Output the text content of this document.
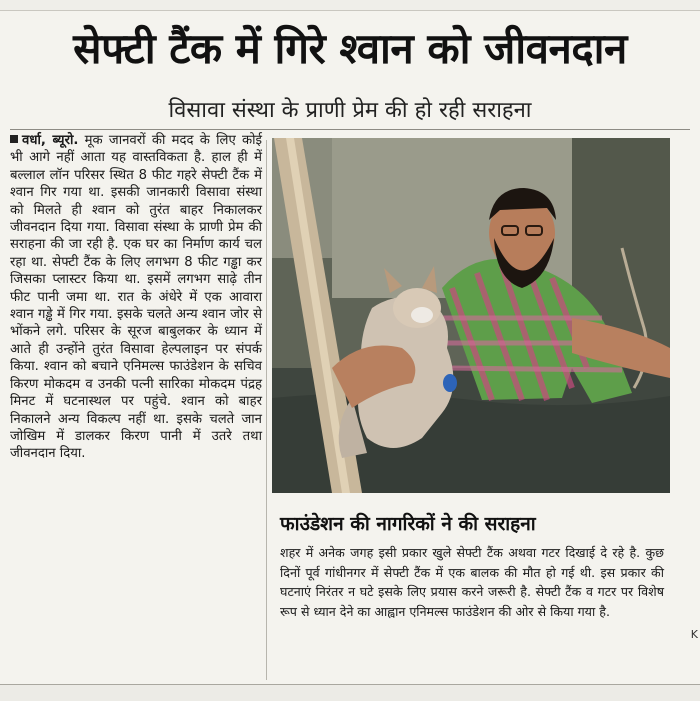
सेफ्टी टैंक में गिरे श्वान को जीवनदान
विसावा संस्था के प्राणी प्रेम की हो रही सराहना
वर्धा, ब्यूरो. मूक जानवरों की मदद के लिए कोई भी आगे नहीं आता यह वास्तविकता है. हाल ही में बल्लाल लॉन परिसर स्थित 8 फीट गहरे सेफ्टी टैंक में श्वान गिर गया था. इसकी जानकारी विसावा संस्था को मिलते ही श्वान को तुरंत बाहर निकालकर जीवनदान दिया गया. विसावा संस्था के प्राणी प्रेम की सराहना की जा रही है. एक घर का निर्माण कार्य चल रहा था. सेफ्टी टैंक के लिए लगभग 8 फीट गड्ढा कर जिसका प्लास्टर किया था. इसमें लगभग साढ़े तीन फीट पानी जमा था. रात के अंधेरे में एक आवारा श्वान गड्ढे में गिर गया. इसके चलते अन्य श्वान जोर से भोंकने लगे. परिसर के सूरज बाबुलकर के ध्यान में आते ही उन्होंने तुरंत विसावा हेल्पलाइन पर संपर्क किया. श्वान को बचाने एनिमल्स फाउंडेशन के सचिव किरण मोकदम व उनकी पत्नी सारिका मोकदम पंद्रह मिनट में घटनास्थल पर पहुंचे. श्वान को बाहर निकालने अन्य विकल्प नहीं था. इसके चलते जान जोखिम में डालकर किरण पानी में उतरे तथा जीवनदान दिया.
फाउंडेशन की नागरिकों ने की सराहना
शहर में अनेक जगह इसी प्रकार खुले सेफ्टी टैंक अथवा गटर दिखाई दे रहे है. कुछ दिनों पूर्व गांधीनगर में सेफ्टी टैंक में एक बालक की मौत हो गई थी. इस प्रकार की घटनाएं निरंतर न घटे इसके लिए प्रयास करने जरूरी है. सेफ्टी टैंक व गटर पर विशेष रूप से ध्यान देने का आह्वान एनिमल्स फाउंडेशन की ओर से किया गया है.
K
